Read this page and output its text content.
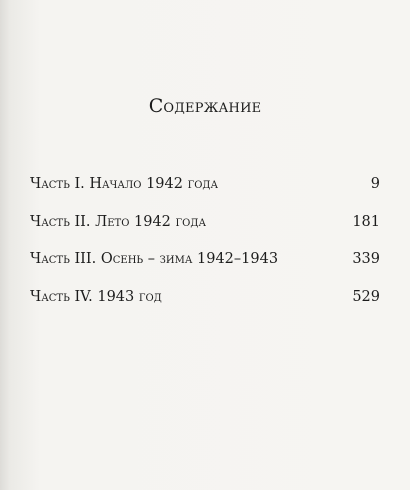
Содержание
Часть I. Начало 1942 года	9
Часть II. Лето 1942 года	181
Часть III. Осень – зима 1942–1943	339
Часть IV. 1943 год	529
